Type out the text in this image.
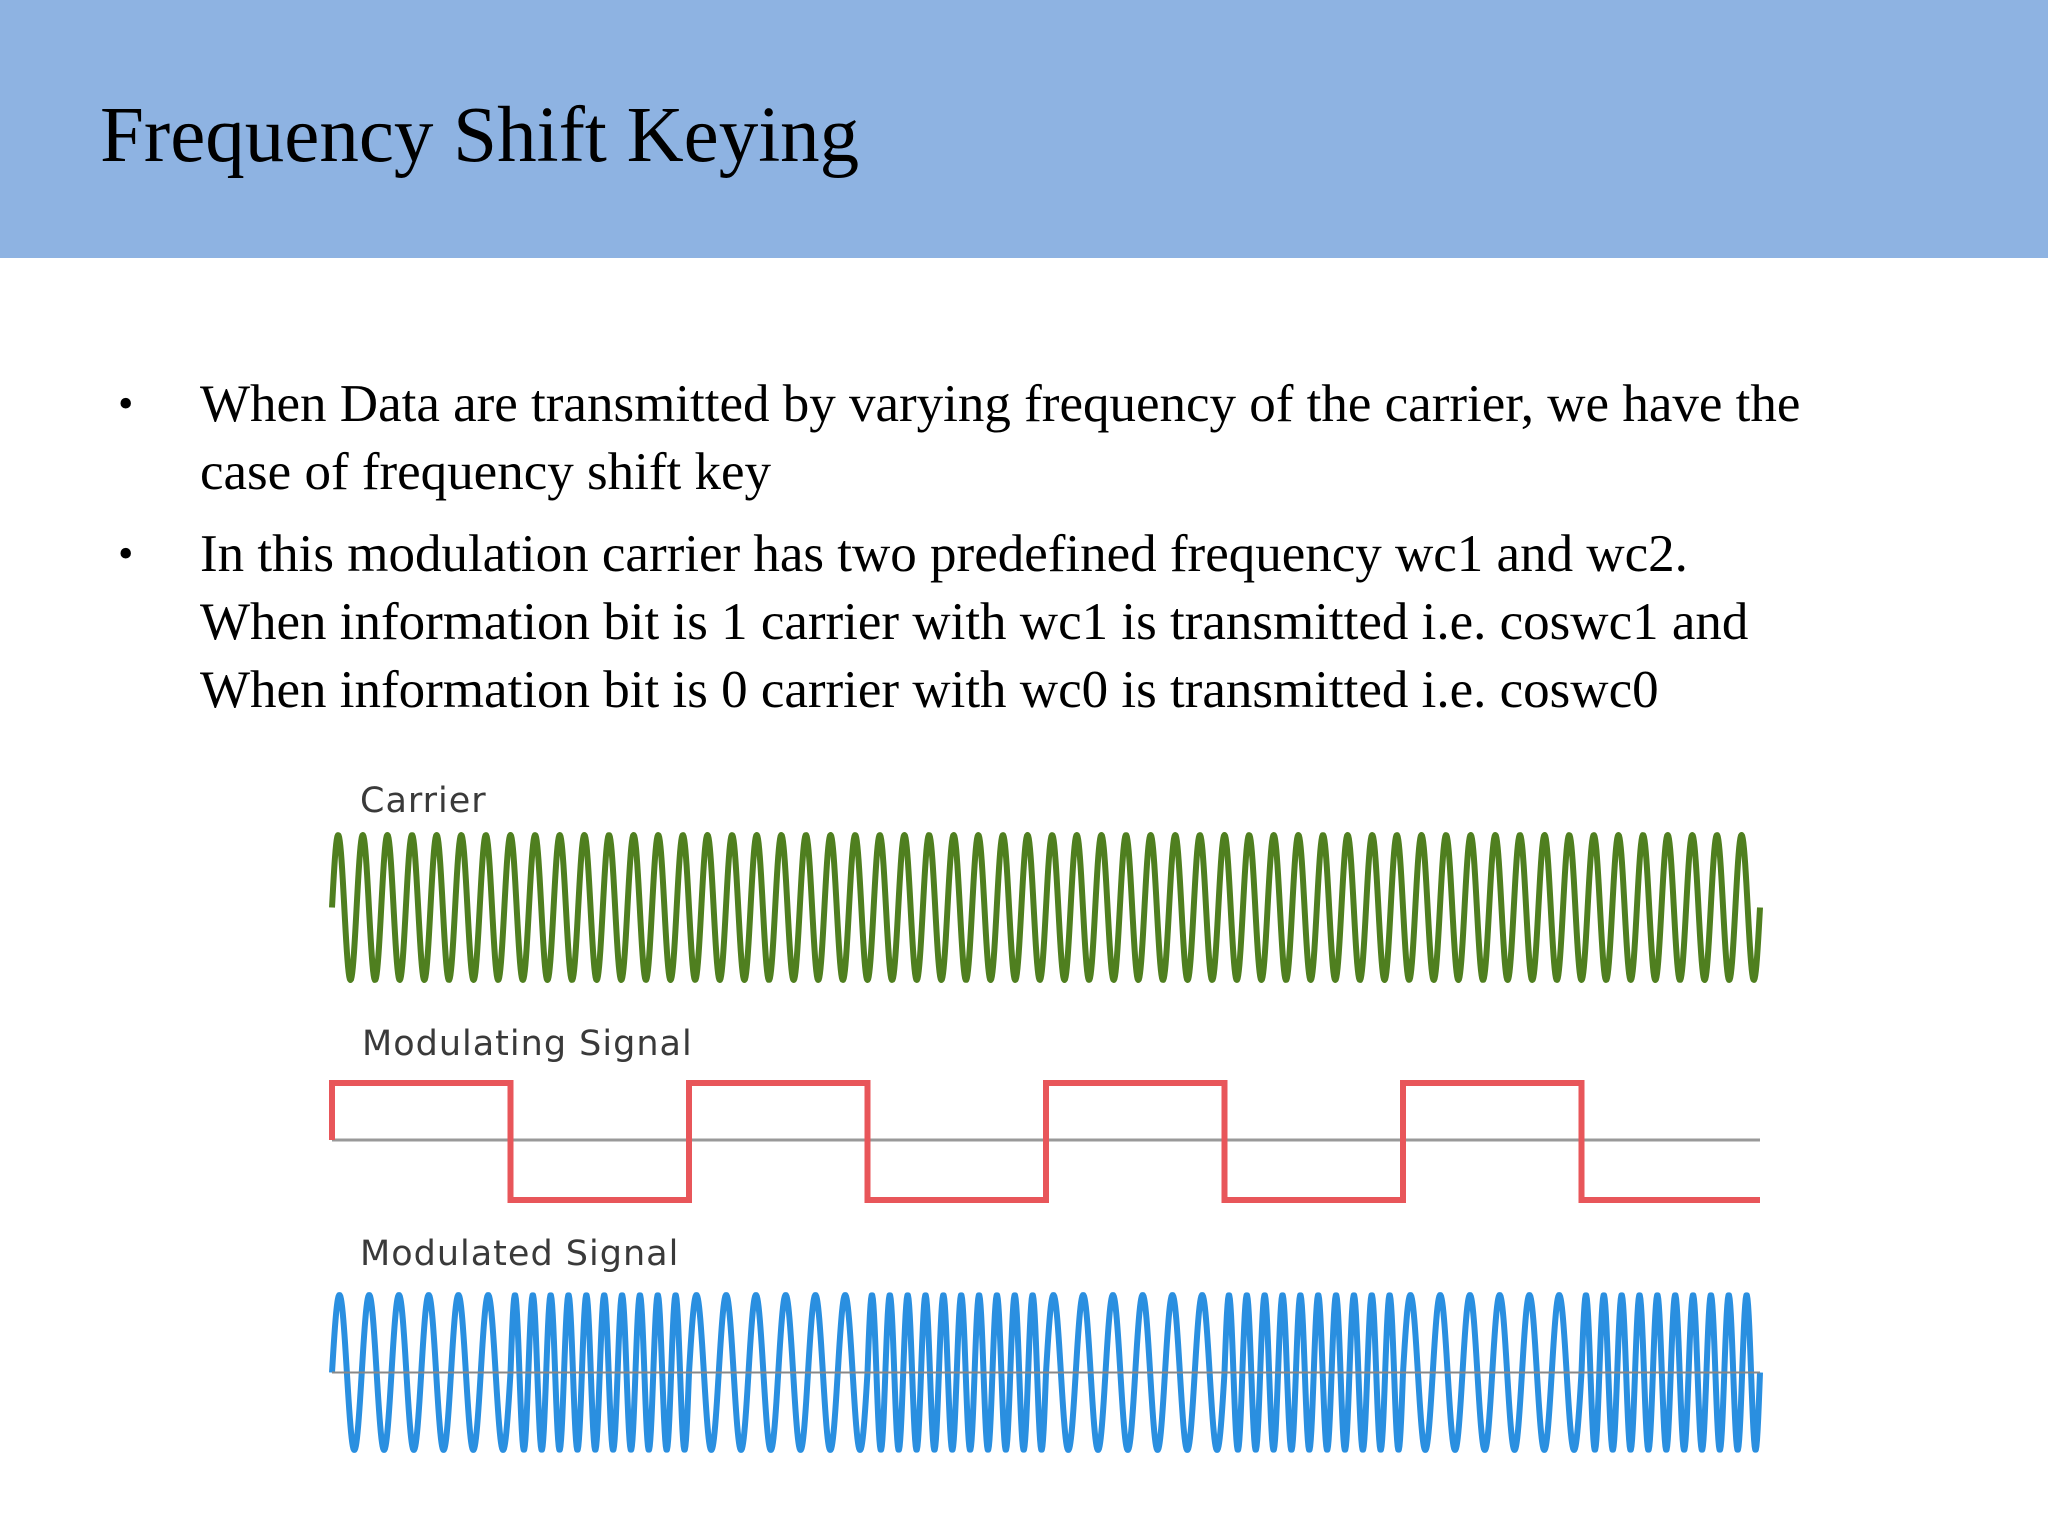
Frequency Shift Keying
• When Data are transmitted by varying frequency of the carrier, we have the
case of frequency shift key
• In this modulation carrier has two predefined frequency wc1 and wc2.
When information bit is 1 carrier with wc1 is transmitted i.e. coswc1 and
When information bit is 0 carrier with wc0 is transmitted i.e. coswc0
Carrier
Modulating Signal
Modulated Signal
